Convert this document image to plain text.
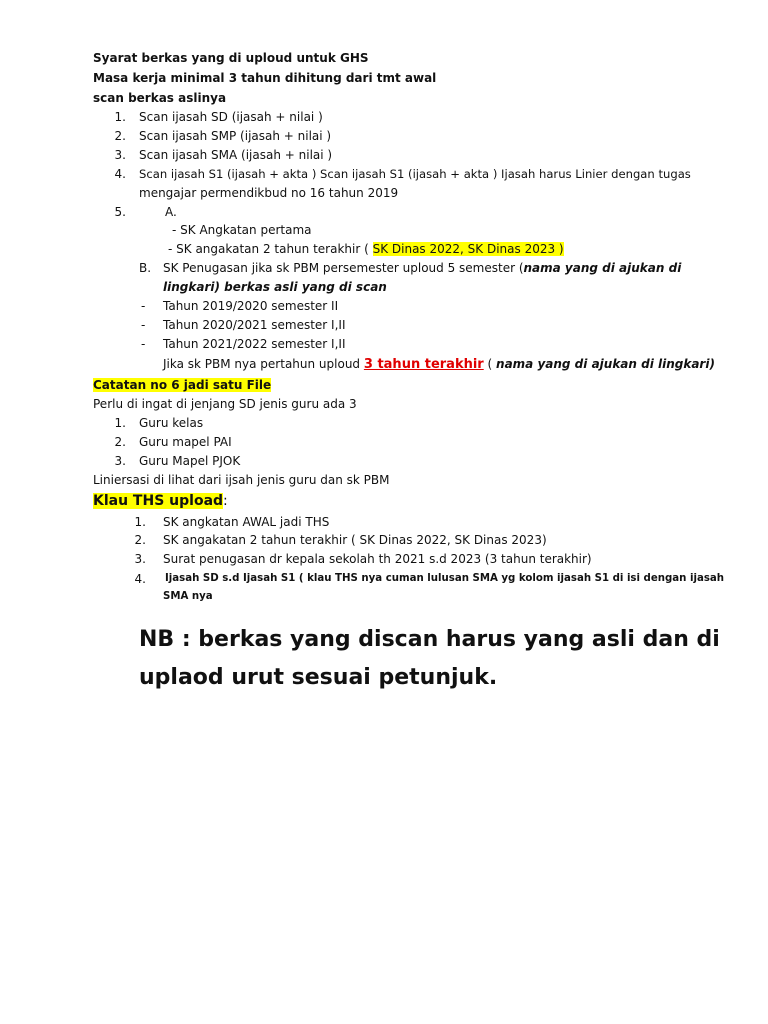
Syarat berkas yang di uploud untuk GHS
Masa kerja minimal 3 tahun dihitung dari tmt awal
scan berkas aslinya
1. Scan ijasah SD (ijasah + nilai )
2. Scan ijasah SMP (ijasah + nilai )
3. Scan ijasah SMA (ijasah + nilai )
4. Scan ijasah S1 (ijasah + akta ) Scan ijasah S1 (ijasah + akta ) Ijasah harus Linier dengan tugas
mengajar permendikbud no 16 tahun 2019
5.	A.
- SK Angkatan pertama
- SK angakatan 2 tahun terakhir ( SK Dinas 2022, SK Dinas 2023 )
B. SK Penugasan jika sk PBM persemester uploud 5 semester (nama yang di ajukan di
lingkari) berkas asli yang di scan
- Tahun 2019/2020 semester II
- Tahun 2020/2021 semester I,II
- Tahun 2021/2022 semester I,II
Jika sk PBM nya pertahun uploud 3 tahun terakhir ( nama yang di ajukan di lingkari)
Catatan no 6 jadi satu File
Perlu di ingat di jenjang SD jenis guru ada 3
1. Guru kelas
2. Guru mapel PAI
3. Guru Mapel PJOK
Liniersasi di lihat dari ijsah jenis guru dan sk PBM
Klau THS upload:
1. SK angkatan AWAL jadi THS
2. SK angakatan 2 tahun terakhir ( SK Dinas 2022, SK Dinas 2023)
3. Surat penugasan dr kepala sekolah th 2021 s.d 2023 (3 tahun terakhir)
4. Ijasah SD s.d Ijasah S1 ( klau THS nya cuman lulusan SMA yg kolom ijasah S1 di isi dengan ijasah
SMA nya
NB : berkas yang discan harus yang asli dan di
uplaod urut sesuai petunjuk.
